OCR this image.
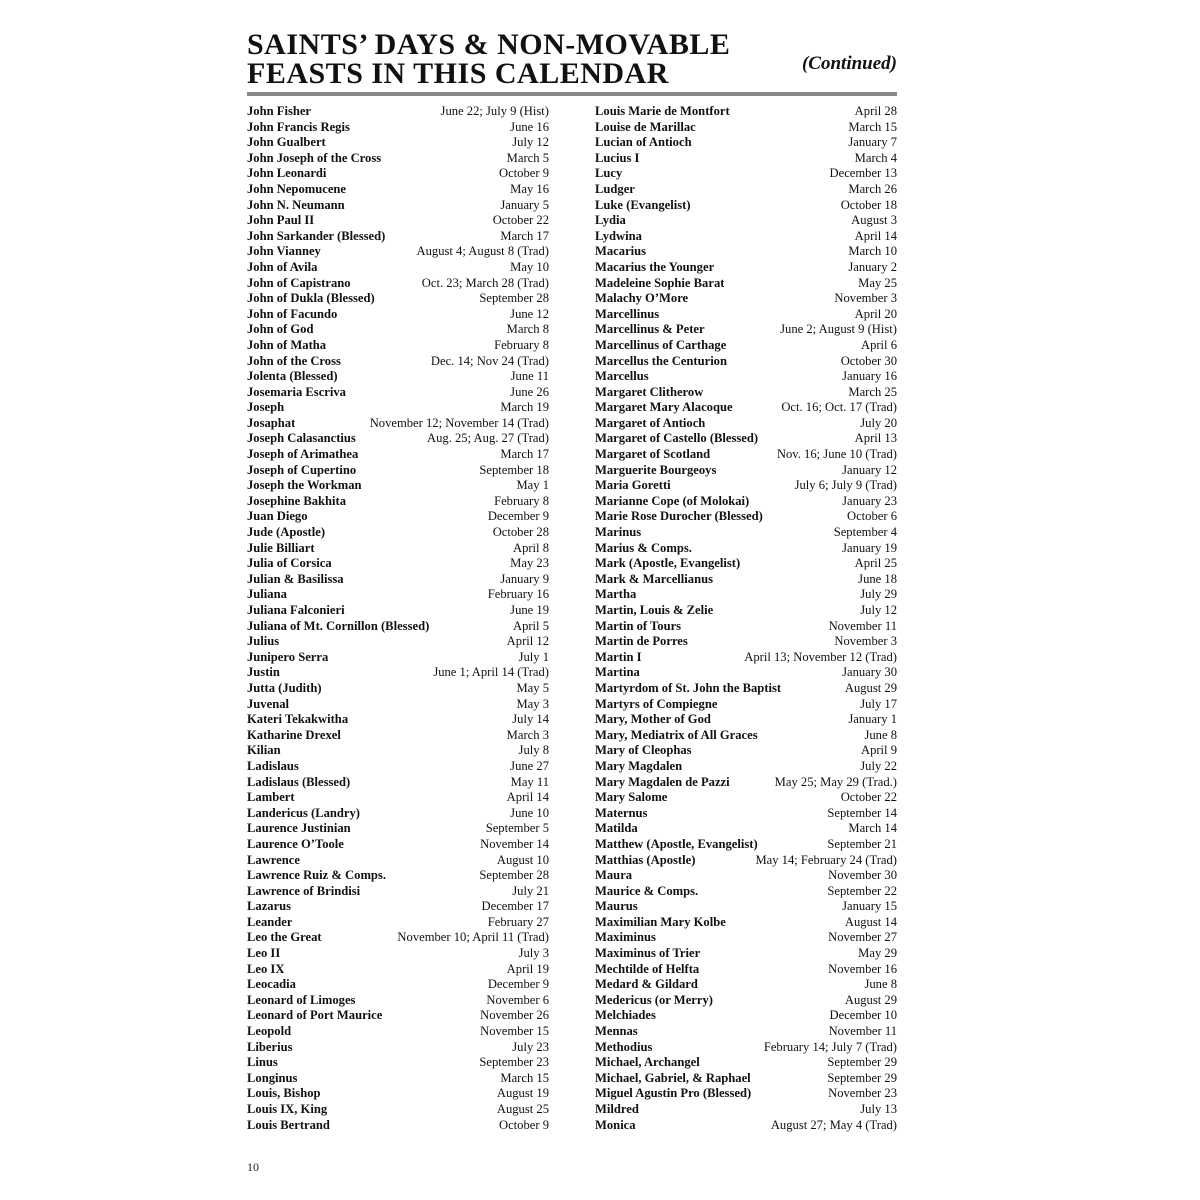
SAINTS’ DAYS & NON-MOVABLE
FEASTS IN THIS CALENDAR	(Continued)
John Fisher	June 22; July 9 (Hist)
John Francis Regis	June 16
John Gualbert	July 12
John Joseph of the Cross	March 5
John Leonardi	October 9
John Nepomucene	May 16
John N. Neumann	January 5
John Paul II	October 22
John Sarkander (Blessed)	March 17
John Vianney	August 4; August 8 (Trad)
John of Avila	May 10
John of Capistrano	Oct. 23; March 28 (Trad)
John of Dukla (Blessed)	September 28
John of Facundo	June 12
John of God	March 8
John of Matha	February 8
John of the Cross	Dec. 14; Nov 24 (Trad)
Jolenta (Blessed)	June 11
Josemaria Escriva	June 26
Joseph	March 19
Josaphat	November 12; November 14 (Trad)
Joseph Calasanctius	Aug. 25; Aug. 27 (Trad)
Joseph of Arimathea	March 17
Joseph of Cupertino	September 18
Joseph the Workman	May 1
Josephine Bakhita	February 8
Juan Diego	December 9
Jude (Apostle)	October 28
Julie Billiart	April 8
Julia of Corsica	May 23
Julian & Basilissa	January 9
Juliana	February 16
Juliana Falconieri	June 19
Juliana of Mt. Cornillon (Blessed)	April 5
Julius	April 12
Junipero Serra	July 1
Justin	June 1; April 14 (Trad)
Jutta (Judith)	May 5
Juvenal	May 3
Kateri Tekakwitha	July 14
Katharine Drexel	March 3
Kilian	July 8
Ladislaus	June 27
Ladislaus (Blessed)	May 11
Lambert	April 14
Landericus (Landry)	June 10
Laurence Justinian	September 5
Laurence O’Toole	November 14
Lawrence	August 10
Lawrence Ruiz & Comps.	September 28
Lawrence of Brindisi	July 21
Lazarus	December 17
Leander	February 27
Leo the Great	November 10; April 11 (Trad)
Leo II	July 3
Leo IX	April 19
Leocadia	December 9
Leonard of Limoges	November 6
Leonard of Port Maurice	November 26
Leopold	November 15
Liberius	July 23
Linus	September 23
Longinus	March 15
Louis, Bishop	August 19
Louis IX, King	August 25
Louis Bertrand	October 9
Louis Marie de Montfort	April 28
Louise de Marillac	March 15
Lucian of Antioch	January 7
Lucius I	March 4
Lucy	December 13
Ludger	March 26
Luke (Evangelist)	October 18
Lydia	August 3
Lydwina	April 14
Macarius	March 10
Macarius the Younger	January 2
Madeleine Sophie Barat	May 25
Malachy O’More	November 3
Marcellinus	April 20
Marcellinus & Peter	June 2; August 9 (Hist)
Marcellinus of Carthage	April 6
Marcellus the Centurion	October 30
Marcellus	January 16
Margaret Clitherow	March 25
Margaret Mary Alacoque	Oct. 16; Oct. 17 (Trad)
Margaret of Antioch	July 20
Margaret of Castello (Blessed)	April 13
Margaret of Scotland	Nov. 16; June 10 (Trad)
Marguerite Bourgeoys	January 12
Maria Goretti	July 6; July 9 (Trad)
Marianne Cope (of Molokai)	January 23
Marie Rose Durocher (Blessed)	October 6
Marinus	September 4
Marius & Comps.	January 19
Mark (Apostle, Evangelist)	April 25
Mark & Marcellianus	June 18
Martha	July 29
Martin, Louis & Zelie	July 12
Martin of Tours	November 11
Martin de Porres	November 3
Martin I	April 13; November 12 (Trad)
Martina	January 30
Martyrdom of St. John the Baptist	August 29
Martyrs of Compiegne	July 17
Mary, Mother of God	January 1
Mary, Mediatrix of All Graces	June 8
Mary of Cleophas	April 9
Mary Magdalen	July 22
Mary Magdalen de Pazzi	May 25; May 29 (Trad.)
Mary Salome	October 22
Maternus	September 14
Matilda	March 14
Matthew (Apostle, Evangelist)	September 21
Matthias (Apostle)	May 14; February 24 (Trad)
Maura	November 30
Maurice & Comps.	September 22
Maurus	January 15
Maximilian Mary Kolbe	August 14
Maximinus	November 27
Maximinus of Trier	May 29
Mechtilde of Helfta	November 16
Medard & Gildard	June 8
Medericus (or Merry)	August 29
Melchiades	December 10
Mennas	November 11
Methodius	February 14; July 7 (Trad)
Michael, Archangel	September 29
Michael, Gabriel, & Raphael	September 29
Miguel Agustin Pro (Blessed)	November 23
Mildred	July 13
Monica	August 27; May 4 (Trad)
10
